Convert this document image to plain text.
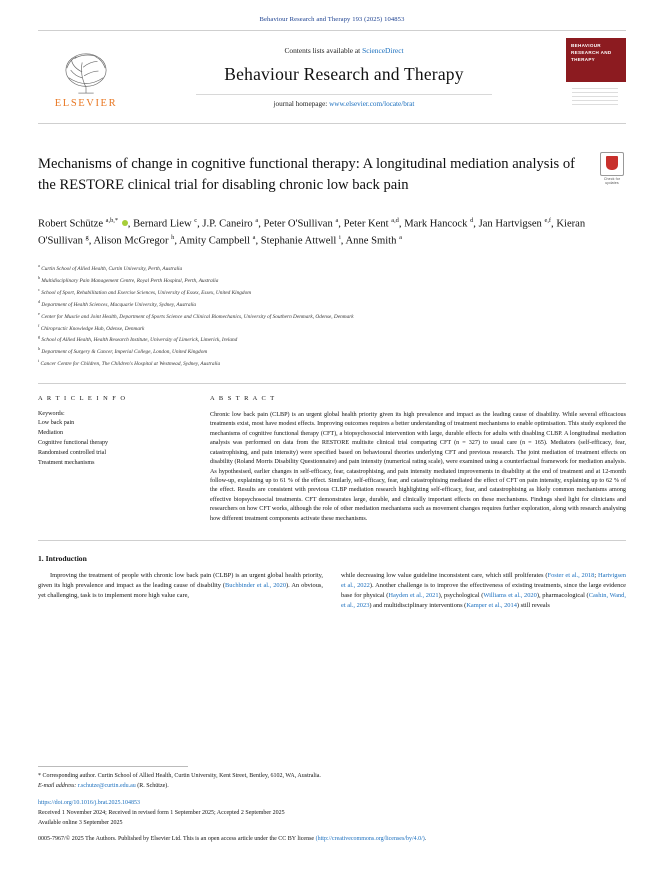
Behaviour Research and Therapy 193 (2025) 104853
ELSEVIER
Contents lists available at ScienceDirect
Behaviour Research and Therapy
journal homepage: www.elsevier.com/locate/brat
BEHAVIOUR RESEARCH AND THERAPY
Check for updates
Mechanisms of change in cognitive functional therapy: A longitudinal mediation analysis of the RESTORE clinical trial for disabling chronic low back pain
Robert Schütze $^{a,b,*}$ , Bernard Liew $^c$, J.P. Caneiro $^a$, Peter O'Sullivan $^a$, Peter Kent $^{a,d}$, Mark Hancock $^d$, Jan Hartvigsen $^{e,f}$, Kieran O'Sullivan $^g$, Alison McGregor $^h$, Amity Campbell $^a$, Stephanie Attwell $^i$, Anne Smith $^a$
$^a$ Curtin School of Allied Health, Curtin University, Perth, Australia
$^b$ Multidisciplinary Pain Management Centre, Royal Perth Hospital, Perth, Australia
$^c$ School of Sport, Rehabilitation and Exercise Sciences, University of Essex, Essex, United Kingdom
$^d$ Department of Health Sciences, Macquarie University, Sydney, Australia
$^e$ Center for Muscle and Joint Health, Department of Sports Science and Clinical Biomechanics, University of Southern Denmark, Odense, Denmark
$^f$ Chiropractic Knowledge Hub, Odense, Denmark
$^g$ School of Allied Health, Health Research Institute, University of Limerick, Limerick, Ireland
$^h$ Department of Surgery & Cancer, Imperial College, London, United Kingdom
$^i$ Cancer Centre for Children, The Children's Hospital at Westmead, Sydney, Australia
A R T I C L E I N F O
Keywords:
Low back pain
Mediation
Cognitive functional therapy
Randomised controlled trial
Treatment mechanisms
A B S T R A C T
Chronic low back pain (CLBP) is an urgent global health priority given its high prevalence and impact as the leading cause of disability. While several efficacious treatments exist, most have modest effects. Improving outcomes requires a better understanding of treatment mechanisms to enable optimisation. This study explored the mechanisms of cognitive functional therapy (CFT), a biopsychosocial intervention with large, durable effects for adults with disabling CLBP. A longitudinal mediation analysis was performed on data from the RESTORE multisite clinical trial comparing CFT (n = 327) to usual care (n = 165). Mediators (self-efficacy, fear, catastrophising, and pain intensity) were specified based on behavioural theories underlying CFT and previous research. The joint mediation of treatment effects on disability (Roland Morris Disability Questionnaire) and pain intensity (numerical rating scale), were examined using a counterfactual framework for mediation analysis. As hypothesised, earlier changes in self-efficacy, fear, catastrophising, and pain intensity mediated improvements in disability at the end of treatment and at 12-month follow-up, explaining up to 61 % of the effect. Similarly, self-efficacy, fear, and catastrophising mediated the effect of CFT on pain intensity, explaining up to 62 % of the effect. Results are consistent with previous CLBP mediation research highlighting self-efficacy, fear, and catastrophising as likely common mechanisms among effective biopsychosocial treatments. CFT demonstrates large, durable, and clinically important effects on these mechanisms. Findings shed light for clinicians and researchers on how CFT works, although the role of other mediation mechanisms such as movement changes requires further exploration, along with research analysing how different treatment components activate these mechanisms.
1. Introduction

Improving the treatment of people with chronic low back pain (CLBP) is an urgent global health priority, given its high prevalence and impact as the leading cause of disability (Buchbinder et al., 2020). An obvious, yet challenging, task is to implement more high value care,

while decreasing low value guideline inconsistent care, which still proliferates (Foster et al., 2018; Hartvigsen et al., 2022). Another challenge is to improve the effectiveness of existing treatments, since the large evidence base for physical (Hayden et al., 2021), psychological (Williams et al., 2020), pharmacological (Cashin, Wand, et al., 2023) and multidisciplinary interventions (Kamper et al., 2014) still reveals

* Corresponding author. Curtin School of Allied Health, Curtin University, Kent Street, Bentley, 6102, WA, Australia.
E-mail address: r.schutze@curtin.edu.au (R. Schütze).
https://doi.org/10.1016/j.brat.2025.104853
Received 1 November 2024; Received in revised form 1 September 2025; Accepted 2 September 2025
Available online 3 September 2025
0005-7967/© 2025 The Authors. Published by Elsevier Ltd. This is an open access article under the CC BY license (http://creativecommons.org/licenses/by/4.0/).
